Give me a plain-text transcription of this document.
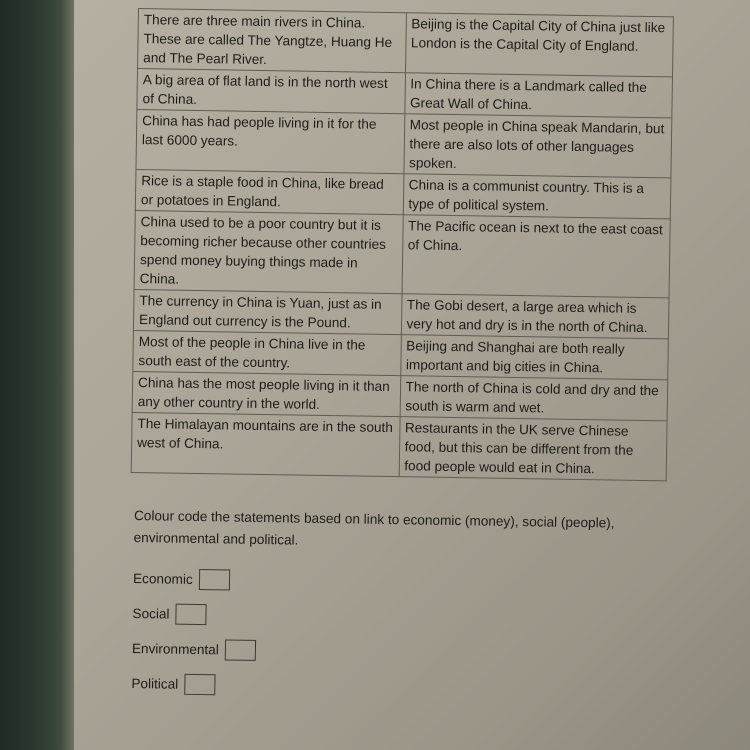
There are three main rivers in China. These are called The Yangtze, Huang He and The Pearl River.	Beijing is the Capital City of China just like London is the Capital City of England.
A big area of flat land is in the north west of China.	In China there is a Landmark called the Great Wall of China.
China has had people living in it for the last 6000 years.	Most people in China speak Mandarin, but there are also lots of other languages spoken.
Rice is a staple food in China, like bread or potatoes in England.	China is a communist country. This is a type of political system.
China used to be a poor country but it is becoming richer because other countries spend money buying things made in China.	The Pacific ocean is next to the east coast of China.
The currency in China is Yuan, just as in England out currency is the Pound.	The Gobi desert, a large area which is very hot and dry is in the north of China.
Most of the people in China live in the south east of the country.	Beijing and Shanghai are both really important and big cities in China.
China has the most people living in it than any other country in the world.	The north of China is cold and dry and the south is warm and wet.
The Himalayan mountains are in the south west of China.	Restaurants in the UK serve Chinese food, but this can be different from the food people would eat in China.
Colour code the statements based on link to economic (money), social (people), environmental and political.
Economic
Social
Environmental
Political
